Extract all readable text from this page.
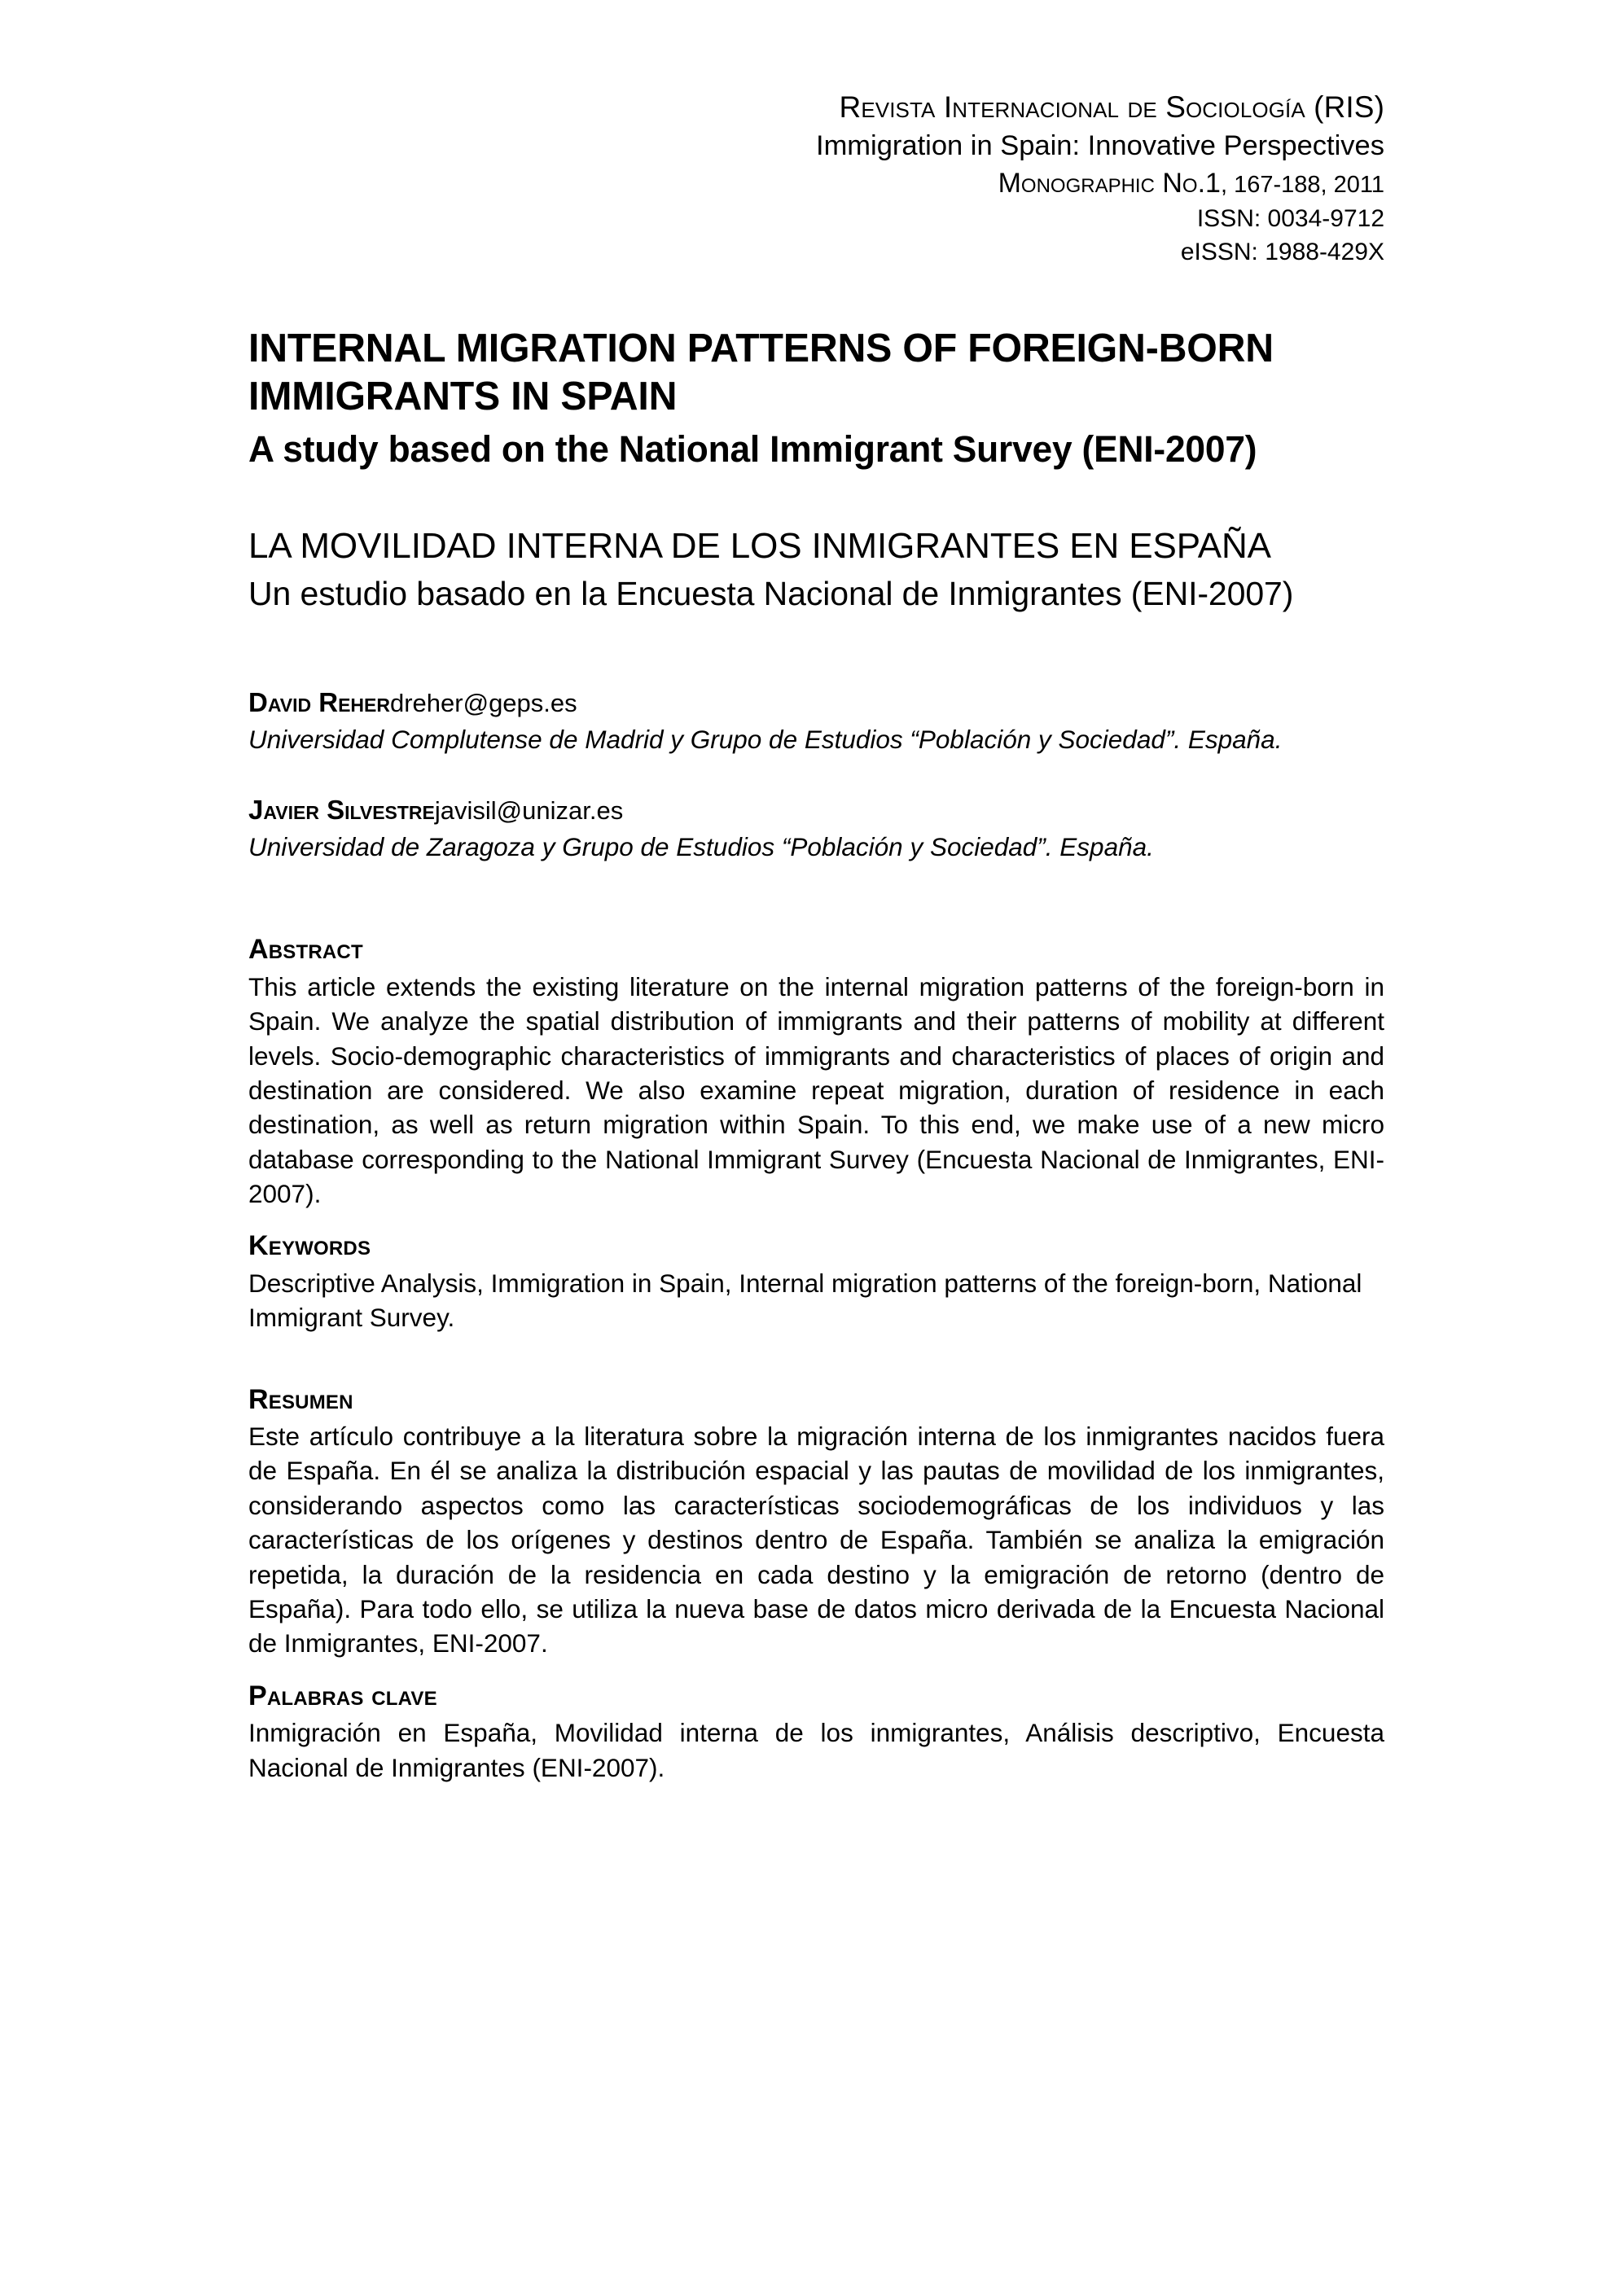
Revista Internacional de Sociología (RIS)
Immigration in Spain: Innovative Perspectives
Monographic No.1, 167-188, 2011
ISSN: 0034-9712
eISSN: 1988-429X
INTERNAL MIGRATION PATTERNS OF FOREIGN-BORN IMMIGRANTS IN SPAIN
A study based on the National Immigrant Survey (ENI-2007)
LA MOVILIDAD INTERNA DE LOS INMIGRANTES EN ESPAÑA
Un estudio basado en la Encuesta Nacional de Inmigrantes (ENI-2007)
David Reherdreher@geps.es
Universidad Complutense de Madrid y Grupo de Estudios “Población y Sociedad”. España.
Javier Silvestrejavisil@unizar.es
Universidad de Zaragoza y Grupo de Estudios “Población y Sociedad”. España.
Abstract
This article extends the existing literature on the internal migration patterns of the foreign-born in Spain. We analyze the spatial distribution of immigrants and their patterns of mobility at different levels. Socio-demographic characteristics of immigrants and characteristics of places of origin and destination are considered. We also examine repeat migration, duration of residence in each destination, as well as return migration within Spain. To this end, we make use of a new micro database corresponding to the National Immigrant Survey (Encuesta Nacional de Inmigrantes, ENI-2007).
Keywords
Descriptive Analysis, Immigration in Spain, Internal migration patterns of the foreign-born, National Immigrant Survey.
Resumen
Este artículo contribuye a la literatura sobre la migración interna de los inmigrantes nacidos fuera de España. En él se analiza la distribución espacial y las pautas de movilidad de los inmigrantes, considerando aspectos como las características sociodemográficas de los individuos y las características de los orígenes y destinos dentro de España. También se analiza la emigración repetida, la duración de la residencia en cada destino y la emigración de retorno (dentro de España). Para todo ello, se utiliza la nueva base de datos micro derivada de la Encuesta Nacional de Inmigrantes, ENI-2007.
Palabras clave
Inmigración en España, Movilidad interna de los inmigrantes, Análisis descriptivo, Encuesta Nacional de Inmigrantes (ENI-2007).
